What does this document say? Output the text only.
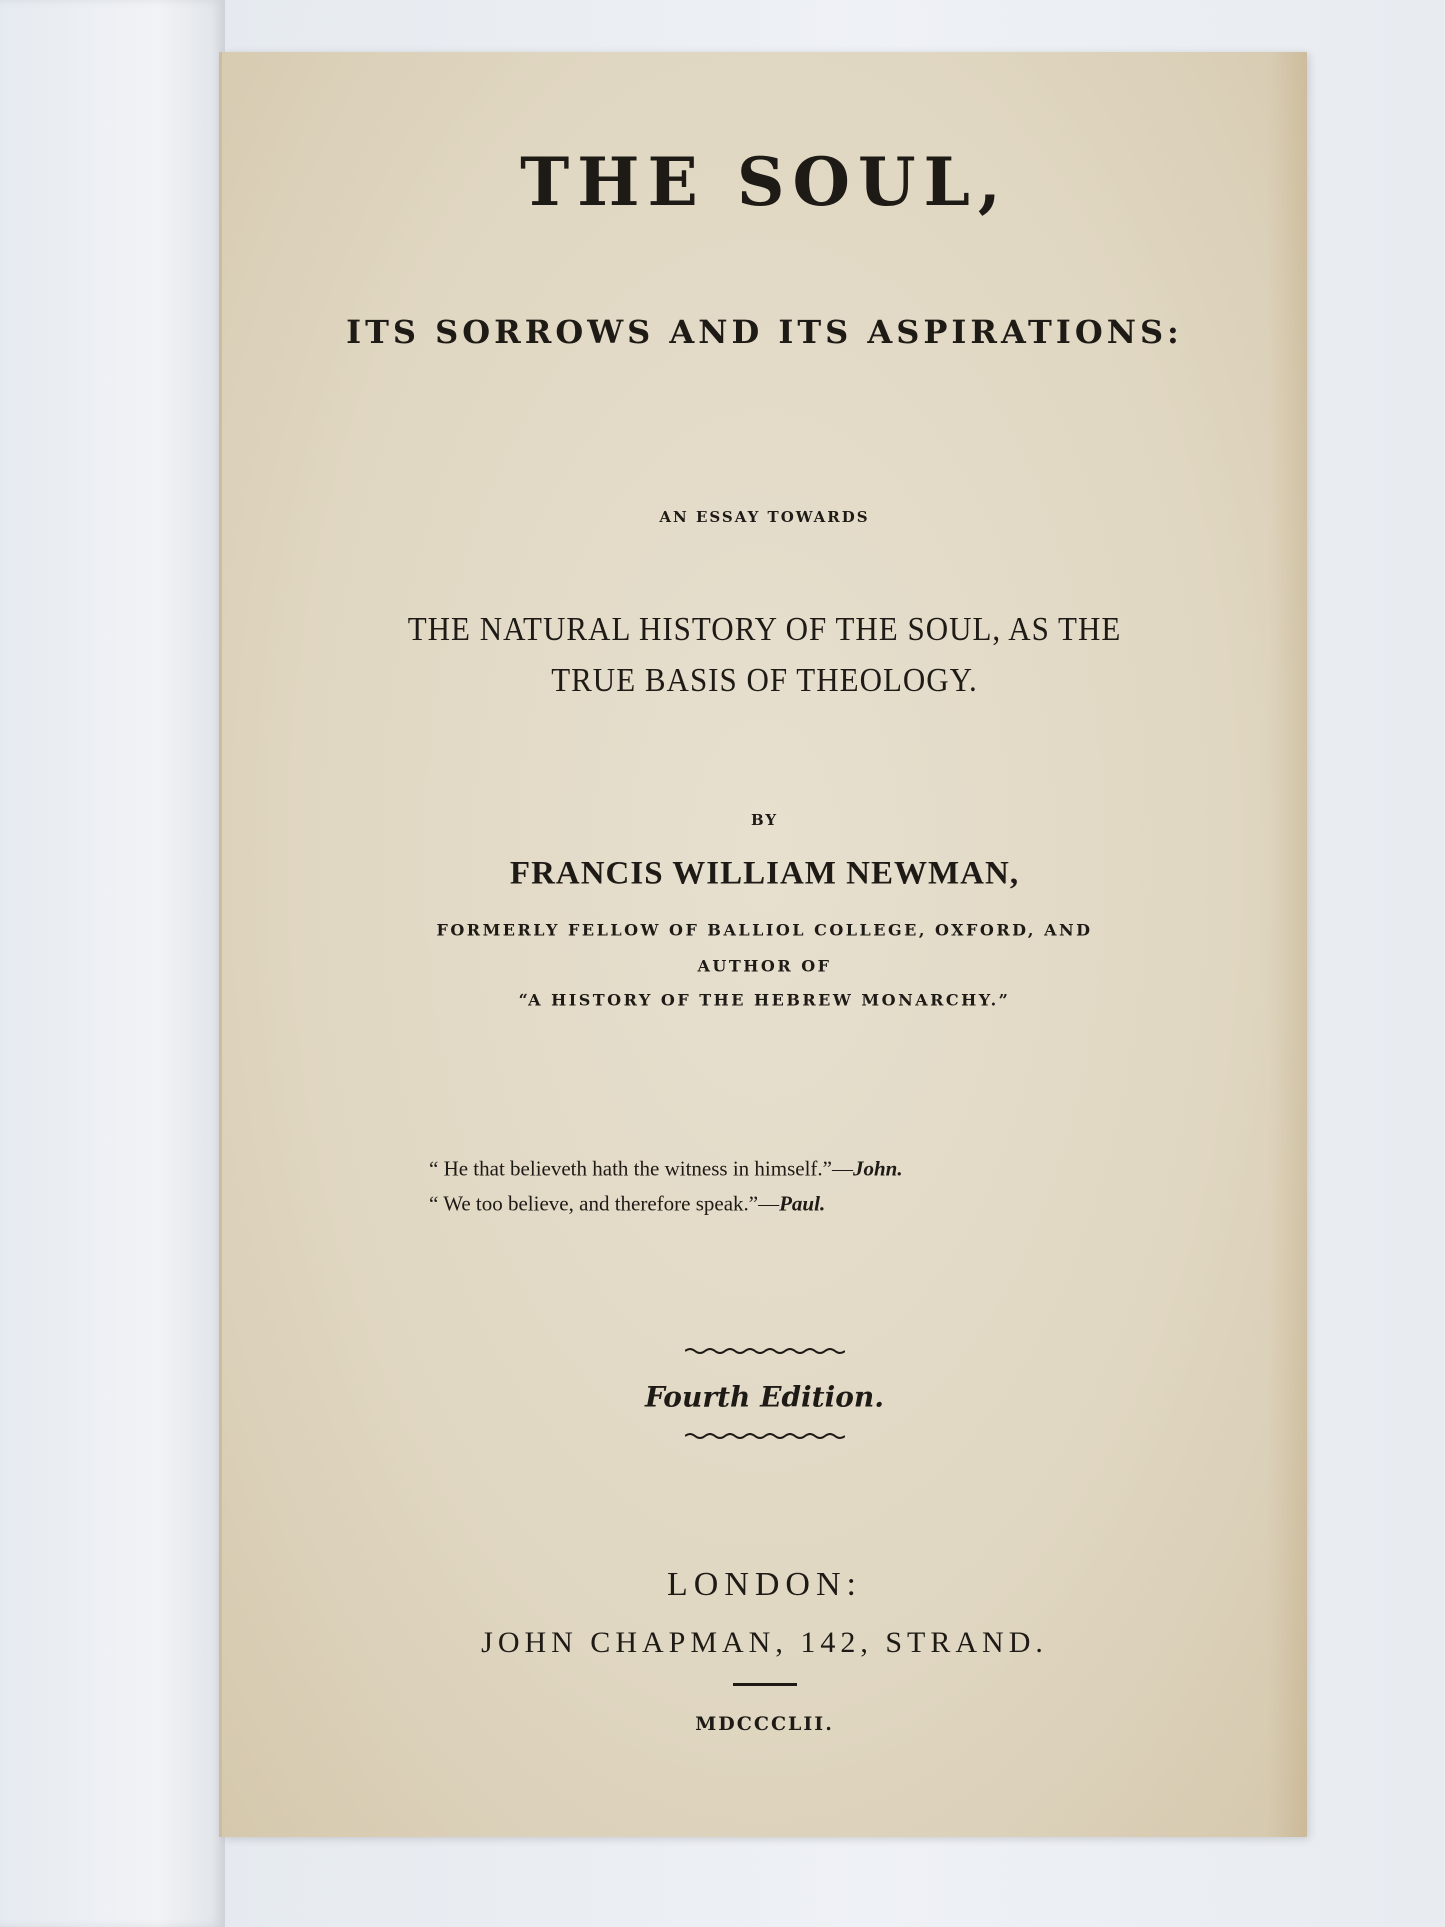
THE SOUL,
ITS SORROWS AND ITS ASPIRATIONS:
AN ESSAY TOWARDS
THE NATURAL HISTORY OF THE SOUL, AS THE
TRUE BASIS OF THEOLOGY.
BY
FRANCIS WILLIAM NEWMAN,
FORMERLY FELLOW OF BALLIOL COLLEGE, OXFORD, AND
AUTHOR OF
“A HISTORY OF THE HEBREW MONARCHY.”
“ He that believeth hath the witness in himself.”—John.
“ We too believe, and therefore speak.”—Paul.
Fourth Edition.
LONDON:
JOHN CHAPMAN, 142, STRAND.
MDCCCLII.
